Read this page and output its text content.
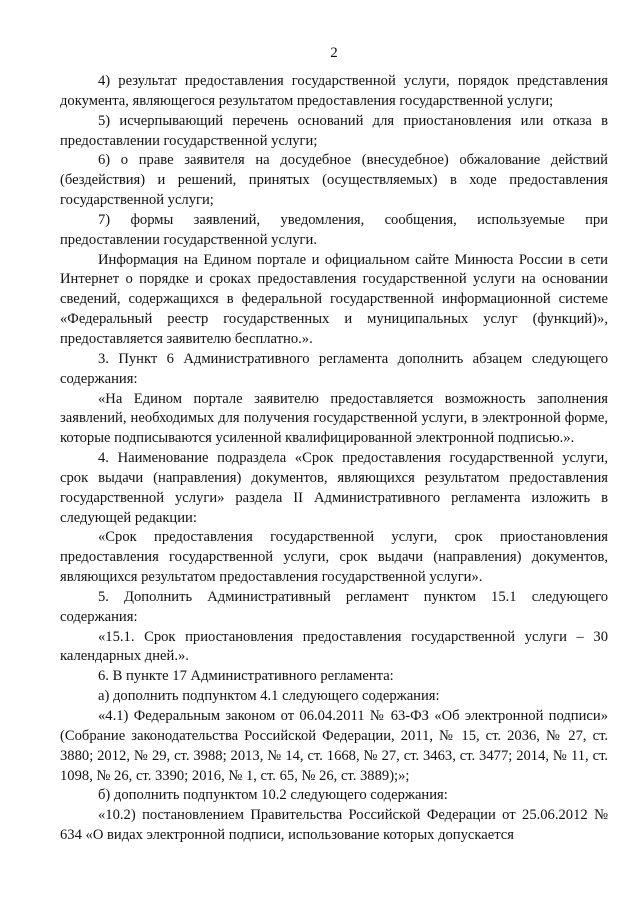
2

4) результат предоставления государственной услуги, порядок представления документа, являющегося результатом предоставления государственной услуги;

5) исчерпывающий перечень оснований для приостановления или отказа в предоставлении государственной услуги;

6) о праве заявителя на досудебное (внесудебное) обжалование действий (бездействия) и решений, принятых (осуществляемых) в ходе предоставления государственной услуги;

7) формы заявлений, уведомления, сообщения, используемые при предоставлении государственной услуги.

Информация на Едином портале и официальном сайте Минюста России в сети Интернет о порядке и сроках предоставления государственной услуги на основании сведений, содержащихся в федеральной государственной информационной системе «Федеральный реестр государственных и муниципальных услуг (функций)», предоставляется заявителю бесплатно.».

3. Пункт 6 Административного регламента дополнить абзацем следующего содержания:

«На Едином портале заявителю предоставляется возможность заполнения заявлений, необходимых для получения государственной услуги, в электронной форме, которые подписываются усиленной квалифицированной электронной подписью.».

4. Наименование подраздела «Срок предоставления государственной услуги, срок выдачи (направления) документов, являющихся результатом предоставления государственной услуги» раздела II Административного регламента изложить в следующей редакции:

«Срок предоставления государственной услуги, срок приостановления предоставления государственной услуги, срок выдачи (направления) документов, являющихся результатом предоставления государственной услуги».

5. Дополнить Административный регламент пунктом 15.1 следующего содержания:

«15.1. Срок приостановления предоставления государственной услуги – 30 календарных дней.».

6. В пункте 17 Административного регламента:

а) дополнить подпунктом 4.1 следующего содержания:

«4.1) Федеральным законом от 06.04.2011 № 63-ФЗ «Об электронной подписи» (Собрание законодательства Российской Федерации, 2011, № 15, ст. 2036, № 27, ст. 3880; 2012, № 29, ст. 3988; 2013, № 14, ст. 1668, № 27, ст. 3463, ст. 3477; 2014, № 11, ст. 1098, № 26, ст. 3390; 2016, № 1, ст. 65, № 26, ст. 3889);»;

б) дополнить подпунктом 10.2 следующего содержания:

«10.2) постановлением Правительства Российской Федерации от 25.06.2012 № 634 «О видах электронной подписи, использование которых допускается
